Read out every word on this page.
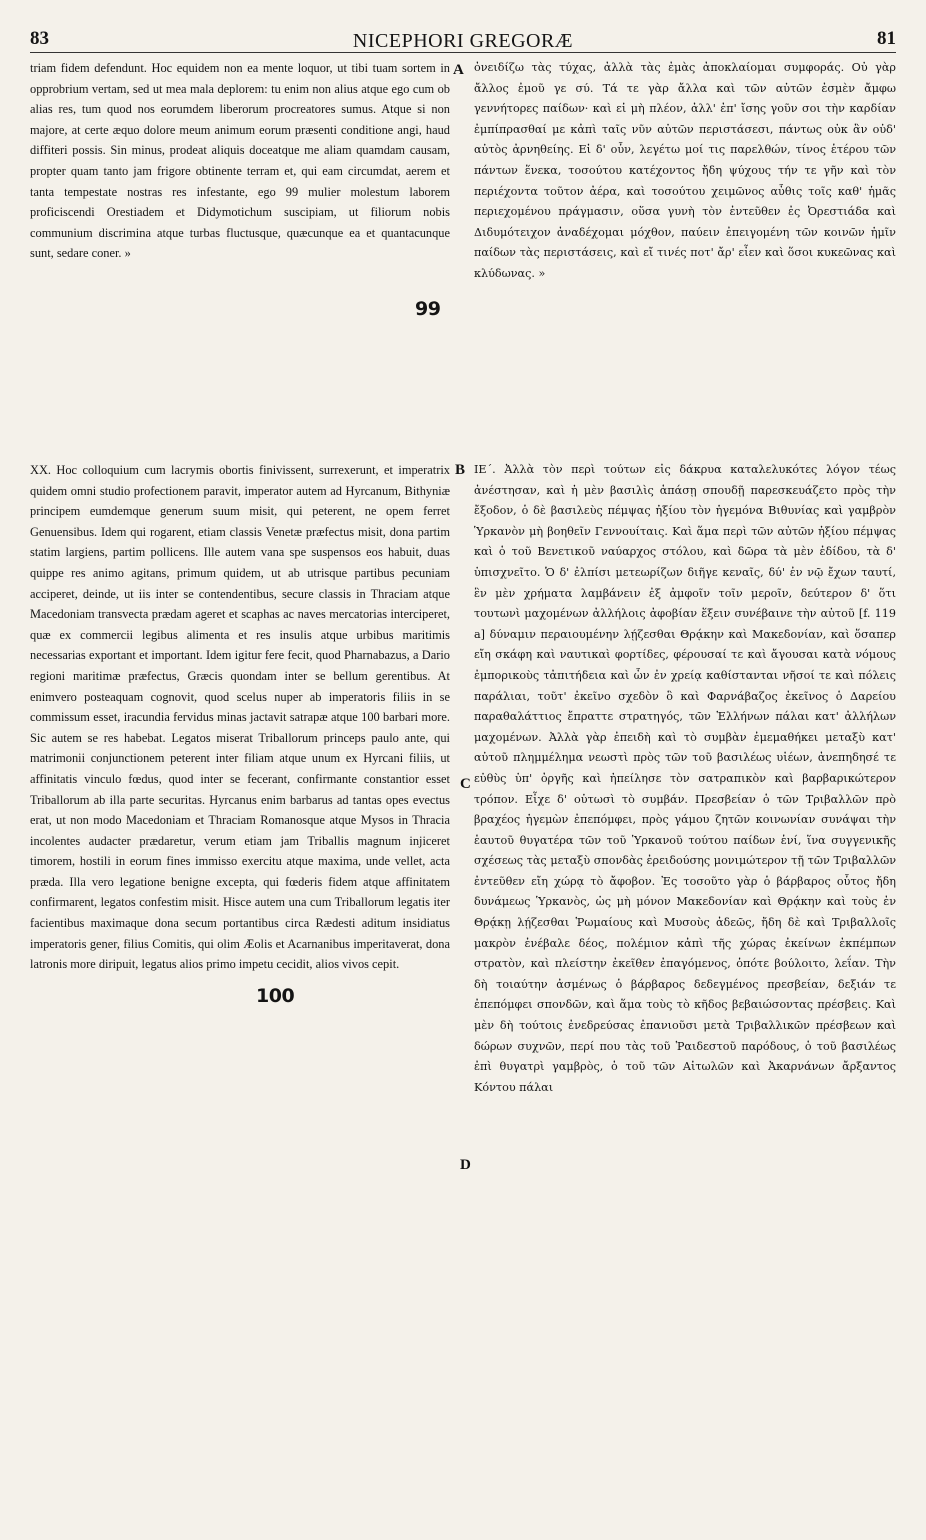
83	NICEPHORI GREGORÆ	81

triam fidem defendunt. Hoc equidem non ea mente loquor, ut tibi tuam sortem in opprobrium vertam, sed ut mea mala deplorem: tu enim non alius atque ego cum ob alias res, tum quod nos eorumdem liberorum procreatores sumus. Atque si non majore, at certe æquo dolore meum animum eorum præsenti conditione angi, haud diffiteri possis. Sin minus, prodeat aliquis doceatque me aliam quamdam causam, propter quam tanto jam frigore obtinente terram et, qui eam circumdat, aerem et tanta tempestate nostras res infestante, ego 99 mulier molestum laborem proficiscendi Orestiadem et Didymotichum suscipiam, ut filiorum nobis communium discrimina atque turbas fluctusque, quæcunque ea et quantacunque sunt, sedare coner. »

ὀνειδίζω τὰς τύχας, ἀλλὰ τὰς ἐμὰς ἀποκλαίομαι συμφοράς. Οὐ γὰρ ἄλλος ἐμοῦ γε σύ. Τά τε γὰρ ἄλλα καὶ τῶν αὐτῶν ἐσμὲν ἄμφω γεννήτορες παίδων· καὶ εἰ μὴ πλέον, ἀλλ' ἐπ' ἴσης γοῦν σοι τὴν καρδίαν ἐμπίπρασθαί με κἀπὶ ταῖς νῦν αὐτῶν περιστάσεσι, πάντως οὐκ ἂν οὐδ' αὐτὸς ἀρνηθείης. Εἰ δ' οὖν, λεγέτω μοί τις παρελθών, τίνος ἑτέρου τῶν πάντων ἕνεκα, τοσούτου κατέχοντος ἤδη ψύχους τήν τε γῆν καὶ τὸν περιέχοντα τοῦτον ἀέρα, καὶ τοσούτου χειμῶνος αὖθις τοῖς καθ' ἡμᾶς περιεχομένου πράγμασιν, οὕσα γυνὴ τὸν ἐντεῦθεν ἐς Ὀρεστιάδα καὶ Διδυμότειχον ἀναδέχομαι μόχθον, παύειν ἐπειγομένη τῶν κοινῶν ἡμῖν παίδων τὰς περιστάσεις, καὶ εἴ τινές ποτ' ἄρ' εἶεν καὶ ὅσοι κυκεῶνας καὶ κλύδωνας. »

XX. Hoc colloquium cum lacrymis obortis finivissent, surrexerunt, et imperatrix quidem omni studio profectionem paravit, imperator autem ad Hyrcanum, Bithyniæ principem eumdemque generum suum misit, qui peterent, ne opem ferret Genuensibus. Idem qui rogarent, etiam classis Venetæ præfectus misit, dona partim statim largiens, partim pollicens. Ille autem vana spe suspensos eos habuit, duas quippe res animo agitans, primum quidem, ut ab utrisque partibus pecuniam acciperet, deinde, ut iis inter se contendentibus, secure classis in Thraciam atque Macedoniam transvecta prædam ageret et scaphas ac naves mercatorias interciperet, quæ ex commercii legibus alimenta et res insulis atque urbibus maritimis necessarias exportant et important. Idem igitur fere fecit, quod Pharnabazus, a Dario regioni maritimæ præfectus, Græcis quondam inter se bellum gerentibus. At enimvero posteaquam cognovit, quod scelus nuper ab imperatoris filiis in se commissum esset, iracundia fervidus minas jactavit satrapæ atque 100 barbari more. Sic autem se res habebat. Legatos miserat Triballorum princeps paulo ante, qui matrimonii conjunctionem peterent inter filiam atque unum ex Hyrcani filiis, ut affinitatis vinculo fœdus, quod inter se fecerant, confirmante constantior esset Triballorum ab illa parte securitas. Hyrcanus enim barbarus ad tantas opes evectus erat, ut non modo Macedoniam et Thraciam Romanosque atque Mysos in Thracia incolentes audacter prædaretur, verum etiam jam Triballis magnum injiceret timorem, hostili in eorum fines immisso exercitu atque maxima, unde vellet, acta præda. Illa vero legatione benigne excepta, qui fœderis fidem atque affinitatem confirmarent, legatos confestim misit. Hisce autem una cum Triballorum legatis iter facientibus maximaque dona secum portantibus circa Rædesti aditum insidiatus imperatoris gener, filius Comitis, qui olim Æolis et Acarnanibus imperitaverat, dona latronis more diripuit, legatus alios primo impetu cecidit, alios vivos cepit.

ΙΕ΄. Ἀλλὰ τὸν περὶ τούτων εἰς δάκρυα καταλελυκότες λόγον τέως ἀνέστησαν, καὶ ἡ μὲν βασιλὶς ἁπάσῃ σπουδῇ παρεσκευάζετο πρὸς τὴν ἔξοδον, ὁ δὲ βασιλεὺς πέμψας ἠξίου τὸν ἡγεμόνα Βιθυνίας καὶ γαμβρὸν Ὑρκανὸν μὴ βοηθεῖν Γεννουίταις. Καὶ ἅμα περὶ τῶν αὐτῶν ἠξίου πέμψας καὶ ὁ τοῦ Βενετικοῦ ναύαρχος στόλου, καὶ δῶρα τὰ μὲν ἐδίδου, τὰ δ' ὑπισχνεῖτο. Ὁ δ' ἐλπίσι μετεωρίζων διῆγε κεναῖς, δύ' ἐν νῷ ἔχων ταυτί, ἓν μὲν χρήματα λαμβάνειν ἐξ ἀμφοῖν τοῖν μεροῖν, δεύτερον δ' ὅτι τουτωνὶ μαχομένων ἀλλήλοις ἀφοβίαν ἕξειν συνέβαινε τὴν αὐτοῦ [f. 119 a] δύναμιν περαιουμένην λῄζεσθαι Θρᾴκην καὶ Μακεδονίαν, καὶ ὅσαπερ εἴη σκάφη καὶ ναυτικαὶ φορτίδες, φέρουσαί τε καὶ ἄγουσαι κατὰ νόμους ἐμπορικοὺς τἀπιτήδεια καὶ ὧν ἐν χρείᾳ καθίστανται νῆσοί τε καὶ πόλεις παράλιαι, τοῦτ' ἐκεῖνο σχεδὸν ὃ καὶ Φαρνάβαζος ἐκεῖνος ὁ Δαρείου παραθαλάττιος ἔπραττε στρατηγός, τῶν Ἑλλήνων πάλαι κατ' ἀλλήλων μαχομένων. Ἀλλὰ γὰρ ἐπειδὴ καὶ τὸ συμβὰν ἐμεμαθήκει μεταξὺ κατ' αὐτοῦ πλημμέλημα νεωστὶ πρὸς τῶν τοῦ βασιλέως υἱέων, ἀνεπηδησέ τε εὐθὺς ὑπ' ὀργῆς καὶ ἠπείλησε τὸν σατραπικὸν καὶ βαρβαρικώτερον τρόπον. Εἶχε δ' οὑτωσὶ τὸ συμβάν. Πρεσβείαν ὁ τῶν Τριβαλλῶν πρὸ βραχέος ἡγεμὼν ἐπεπόμφει, πρὸς γάμου ζητῶν κοινωνίαν συνάψαι τὴν ἑαυτοῦ θυγατέρα τῶν τοῦ Ὑρκανοῦ τούτου παίδων ἑνί, ἵνα συγγενικῆς σχέσεως τὰς μεταξὺ σπονδὰς ἐρειδούσης μονιμώτερον τῇ τῶν Τριβαλλῶν ἐντεῦθεν εἴη χώρᾳ τὸ ἄφοβον. Ἐς τοσοῦτο γὰρ ὁ βάρβαρος οὗτος ἤδη δυνάμεως Ὑρκανὸς, ὡς μὴ μόνον Μακεδονίαν καὶ Θρᾴκην καὶ τοὺς ἐν Θρᾴκῃ λῄζεσθαι Ῥωμαίους καὶ Μυσοὺς ἀδεῶς, ἤδη δὲ καὶ Τριβαλλοῖς μακρὸν ἐνέβαλε δέος, πολέμιον κἀπὶ τῆς χώρας ἐκείνων ἐκπέμπων στρατὸν, καὶ πλείστην ἐκεῖθεν ἐπαγόμενος, ὁπότε βούλοιτο, λεΐαν. Τὴν δὴ τοιαύτην ἀσμένως ὁ βάρβαρος δεδεγμένος πρεσβείαν, δεξιάν τε ἐπεπόμφει σπονδῶν, καὶ ἅμα τοὺς τὸ κῆδος βεβαιώσοντας πρέσβεις. Καὶ μὲν δὴ τούτοις ἐνεδρεύσας ἐπανιοῦσι μετὰ Τριβαλλικῶν πρέσβεων καὶ δώρων συχνῶν, περί που τὰς τοῦ Ῥαιδεστοῦ παρόδους, ὁ τοῦ βασιλέως ἐπὶ θυγατρὶ γαμβρὸς, ὁ τοῦ τῶν Αἰτωλῶν καὶ Ἀκαρνάνων ἄρξαντος Κόντου πάλαι

A
B
C
D
99
100
